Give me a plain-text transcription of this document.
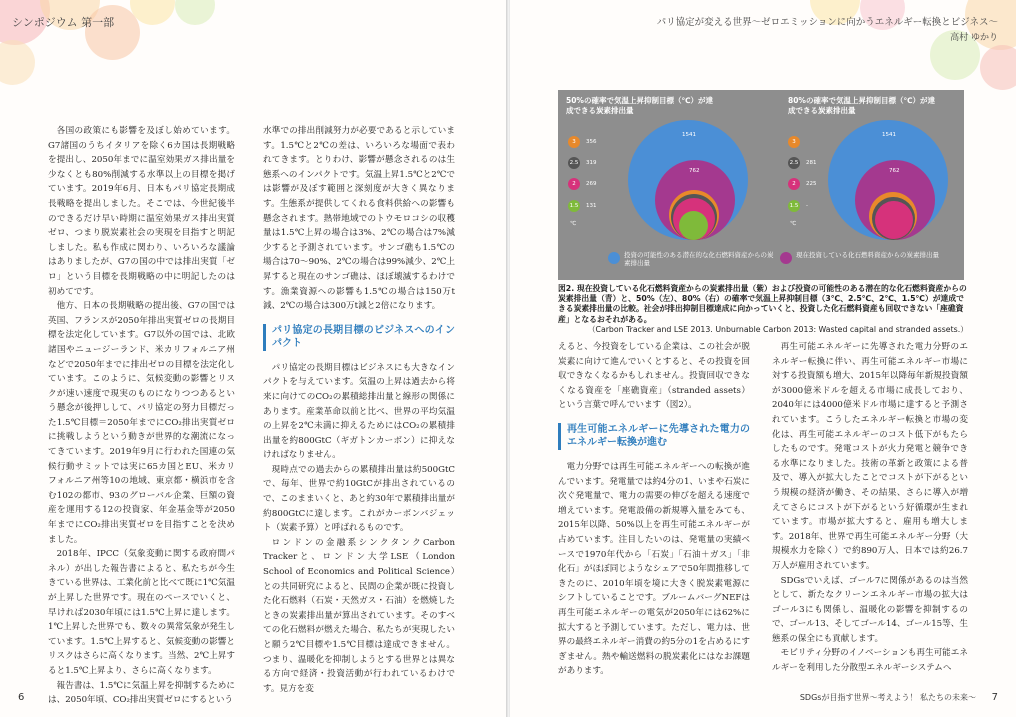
シンポジウム 第一部

各国の政策にも影響を及ぼし始めています。G7諸国のうちイタリアを除く6カ国は長期戦略を提出し、2050年までに温室効果ガス排出量を少なくとも80%削減する水準以上の目標を掲げています。2019年6月、日本もパリ協定長期成長戦略を提出しました。そこでは、今世紀後半のできるだけ早い時期に温室効果ガス排出実質ゼロ、つまり脱炭素社会の実現を目指すと明記しました。私も作成に関わり、いろいろな議論はありましたが、G7の国の中では排出実質「ゼロ」という目標を長期戦略の中に明記したのは初めてです。

他方、日本の長期戦略の提出後、G7の国では英国、フランスが2050年排出実質ゼロの長期目標を法定化しています。G7以外の国では、北欧諸国やニュージーランド、米カリフォルニア州などで2050年までに排出ゼロの目標を法定化しています。このように、気候変動の影響とリスクが速い速度で現実のものになりつつあるという懸念が後押しして、パリ協定の努力目標だった1.5℃目標＝2050年までにCO₂排出実質ゼロに挑戦しようという動きが世界的な潮流になってきています。2019年9月に行われた国連の気候行動サミットでは実に65カ国とEU、米カリフォルニア州等10の地域、東京都・横浜市を含む102の都市、93のグローバル企業、巨額の資産を運用する12の投資家、年金基金等が2050年までにCO₂排出実質ゼロを目指すことを決めました。

2018年、IPCC（気象変動に関する政府間パネル）が出した報告書によると、私たちが今生きている世界は、工業化前と比べて既に1℃気温が上昇した世界です。現在のペースでいくと、早ければ2030年頃には1.5℃上昇に達します。1℃上昇した世界でも、数々の異常気象が発生しています。1.5℃上昇すると、気候変動の影響とリスクはさらに高くなります。当然、2℃上昇すると1.5℃上昇より、さらに高くなります。

報告書は、1.5℃に気温上昇を抑制するためには、2050年頃、CO₂排出実質ゼロにするという

水準での排出削減努力が必要であると示しています。1.5℃と2℃の差は、いろいろな場面で表われてきます。とりわけ、影響が懸念されるのは生態系へのインパクトです。気温上昇1.5℃と2℃では影響が及ぼす範囲と深刻度が大きく異なります。生態系が提供してくれる食料供給への影響も懸念されます。熱帯地域でのトウモロコシの収穫量は1.5℃上昇の場合は3%、2℃の場合は7%減少すると予測されています。サンゴ礁も1.5℃の場合は70～90%、2℃の場合は99%減少、2℃上昇すると現在のサンゴ礁は、ほぼ壊滅するわけです。漁業資源への影響も1.5℃の場合は150万t減、2℃の場合は300万t減と2倍になります。

パリ協定の長期目標のビジネスへのインパクト

パリ協定の長期目標はビジネスにも大きなインパクトを与えています。気温の上昇は過去から将来に向けてのCO₂の累積総排出量と線形の関係にあります。産業革命以前と比べ、世界の平均気温の上昇を2℃未満に抑えるためにはCO₂の累積排出量を約800GtC（ギガトンカーボン）に抑えなければなりません。

現時点での過去からの累積排出量は約500GtCで、毎年、世界で約10GtCが排出されているので、このままいくと、あと約30年で累積排出量が約800GtCに達します。これがカーボンバジェット（炭素予算）と呼ばれるものです。

ロンドンの金融系シンクタンクCarbon Trackerと、ロンドン大学LSE（London School of Economics and Political Science）との共同研究によると、民間の企業が既に投資した化石燃料（石炭・天然ガス・石油）を燃焼したときの炭素排出量が算出されています。そのすべての化石燃料が燃えた場合、私たちが実現したいと願う2℃目標や1.5℃目標は達成できません。つまり、温暖化を抑制しようとする世界とは異なる方向で経済・投資活動が行われているわけです。見方を変

6
パリ協定が変える世界～ゼロエミッションに向かうエネルギー転換とビジネス～
高村 ゆかり
50%の確率で気温上昇抑制目標（℃）が達成できる炭素排出量
80%の確率で気温上昇抑制目標（℃）が達成できる炭素排出量
1541
762
1541
762
3	356
2.5 319
2	269
1.5 131
℃
3
2.5 281
2	225
1.5 -
℃
投資の可能性のある潜在的な化石燃料資産からの炭素排出量
現在投資している化石燃料資産からの炭素排出量
図2. 現在投資している化石燃料資産からの炭素排出量（紫）および投資の可能性のある潜在的な化石燃料資産からの炭素排出量（青）と、50%（左）、80%（右）の確率で気温上昇抑制目標（3℃、2.5℃、2℃、1.5℃）が達成できる炭素排出量の比較。社会が排出抑制目標達成に向かっていくと、投資した化石燃料資産も回収できない「座礁資産」となるおそれがある。
（Carbon Tracker and LSE 2013. Unburnable Carbon 2013: Wasted capital and stranded assets.）

えると、今投資をしている企業は、この社会が脱炭素に向けて進んでいくとすると、その投資を回収できなくなるかもしれません。投資回収できなくなる資産を「座礁資産」（stranded assets）という言葉で呼んでいます（図2）。

再生可能エネルギーに先導された電力のエネルギー転換が進む

電力分野では再生可能エネルギーへの転換が進んでいます。発電量では約4分の1、いまや石炭に次ぐ発電量で、電力の需要の伸びを超える速度で増えています。発電設備の新規導入量をみても、2015年以降、50%以上を再生可能エネルギーが占めています。注目したいのは、発電量の実績ベースで1970年代から「石炭」「石油＋ガス」「非化石」がほぼ同じようなシェアで50年間推移してきたのに、2010年頃を境に大きく脱炭素電源にシフトしていることです。ブルームバーグNEFは再生可能エネルギーの電気が2050年には62%に拡大すると予測しています。ただし、電力は、世界の最終エネルギー消費の約5分の1を占めるにすぎません。熱や輸送燃料の脱炭素化にはなお課題があります。

再生可能エネルギーに先導された電力分野のエネルギー転換に伴い、再生可能エネルギー市場に対する投資額も増大、2015年以降毎年新規投資額が3000億米ドルを超える市場に成長しており、2040年には4000億米ドル市場に達すると予測されています。こうしたエネルギー転換と市場の変化は、再生可能エネルギーのコスト低下がもたらしたものです。発電コストが火力発電と競争できる水準になりました。技術の革新と政策による普及で、導入が拡大したことでコストが下がるという規模の経済が働き、その結果、さらに導入が増えてさらにコストが下がるという好循環が生まれています。市場が拡大すると、雇用も増大します。2018年、世界で再生可能エネルギー分野（大規模水力を除く）で約890万人、日本では約26.7万人が雇用されています。

SDGsでいえば、ゴール7に関係があるのは当然として、新たなクリーンエネルギー市場の拡大はゴール3にも関係し、温暖化の影響を抑制するので、ゴール13、そしてゴール14、ゴール15等、生態系の保全にも貢献します。

モビリティ分野のイノベーションも再生可能エネルギーを利用した分散型エネルギーシステムへ

SDGsが目指す世界～考えよう！ 私たちの未来～ 7
